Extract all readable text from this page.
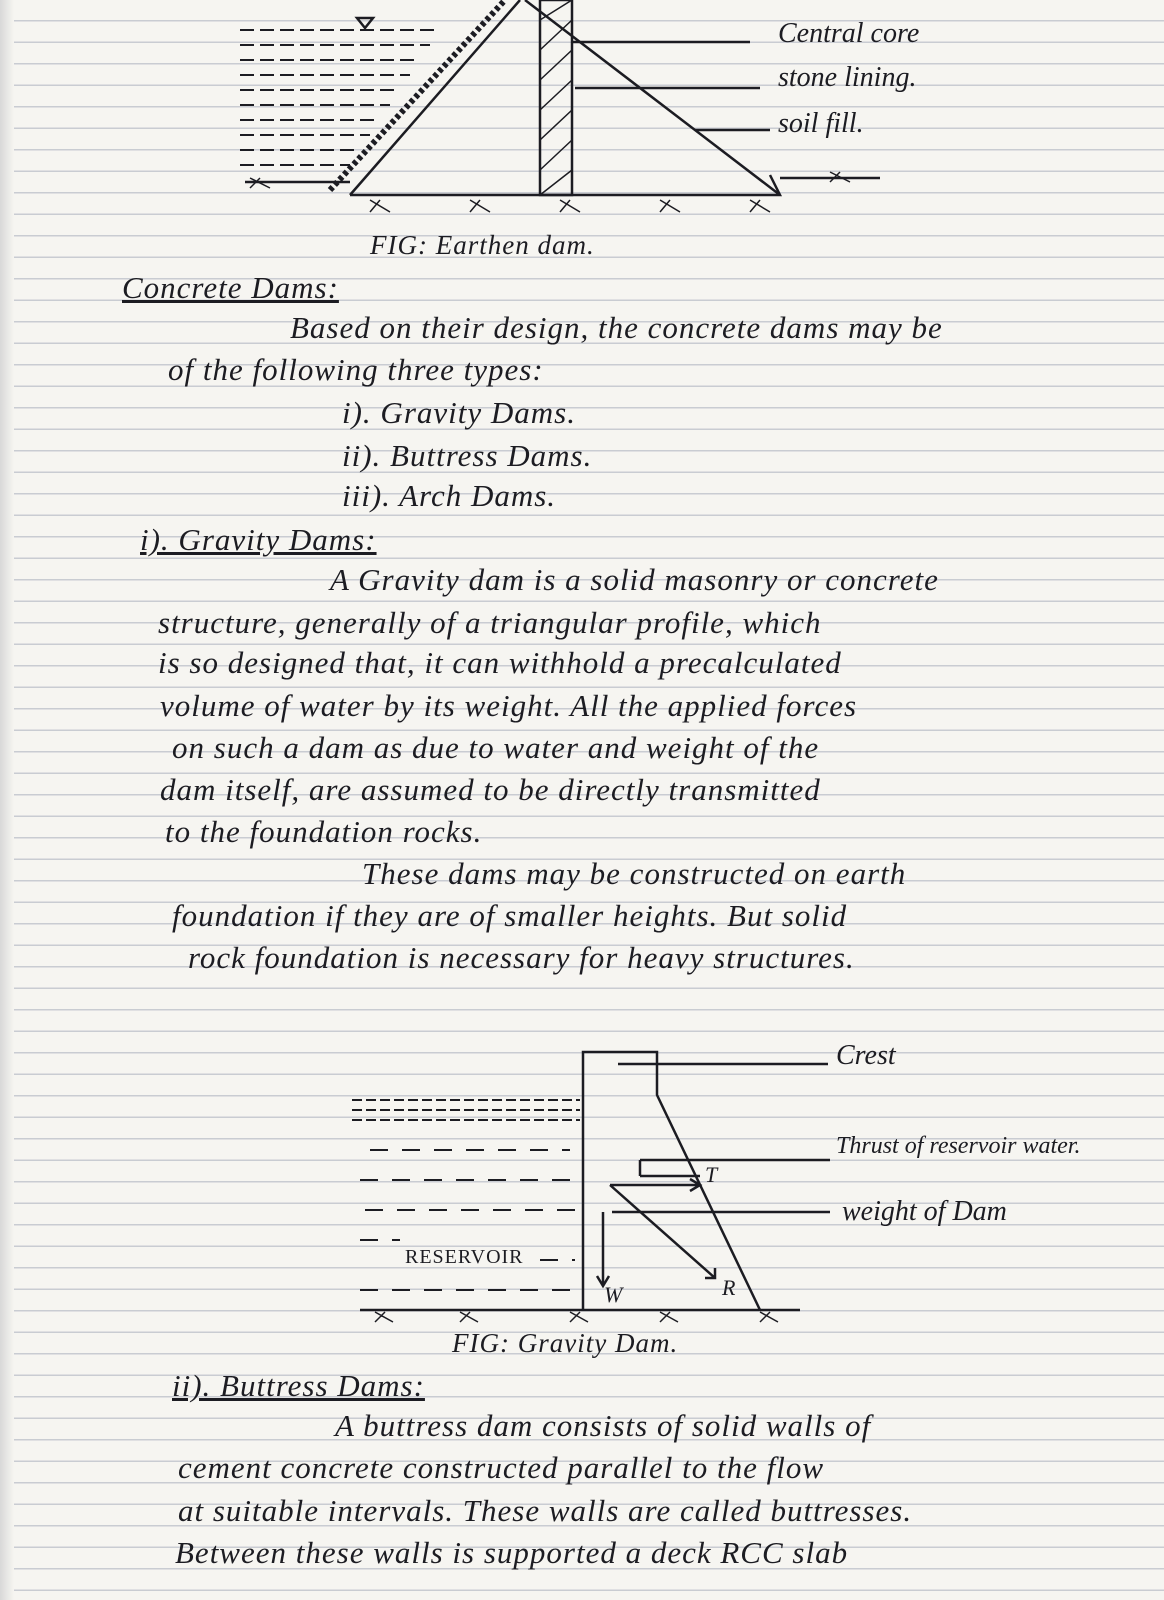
Central core
stone lining.
soil fill.
FIG: Earthen dam.
Concrete Dams:
Based on their design, the concrete dams may be
of the following three types:
i). Gravity Dams.
ii). Buttress Dams.
iii). Arch Dams.
i). Gravity Dams:
A Gravity dam is a solid masonry or concrete
structure, generally of a triangular profile, which
is so designed that, it can withhold a precalculated
volume of water by its weight. All the applied forces
on such a dam as due to water and weight of the
dam itself, are assumed to be directly transmitted
to the foundation rocks.
These dams may be constructed on earth
foundation if they are of smaller heights. But solid
rock foundation is necessary for heavy structures.
Crest
Thrust of reservoir water.
weight of Dam
RESERVOIR
T
W	R
FIG: Gravity Dam.
ii). Buttress Dams:
A buttress dam consists of solid walls of
cement concrete constructed parallel to the flow
at suitable intervals. These walls are called buttresses.
Between these walls is supported a deck RCC slab
